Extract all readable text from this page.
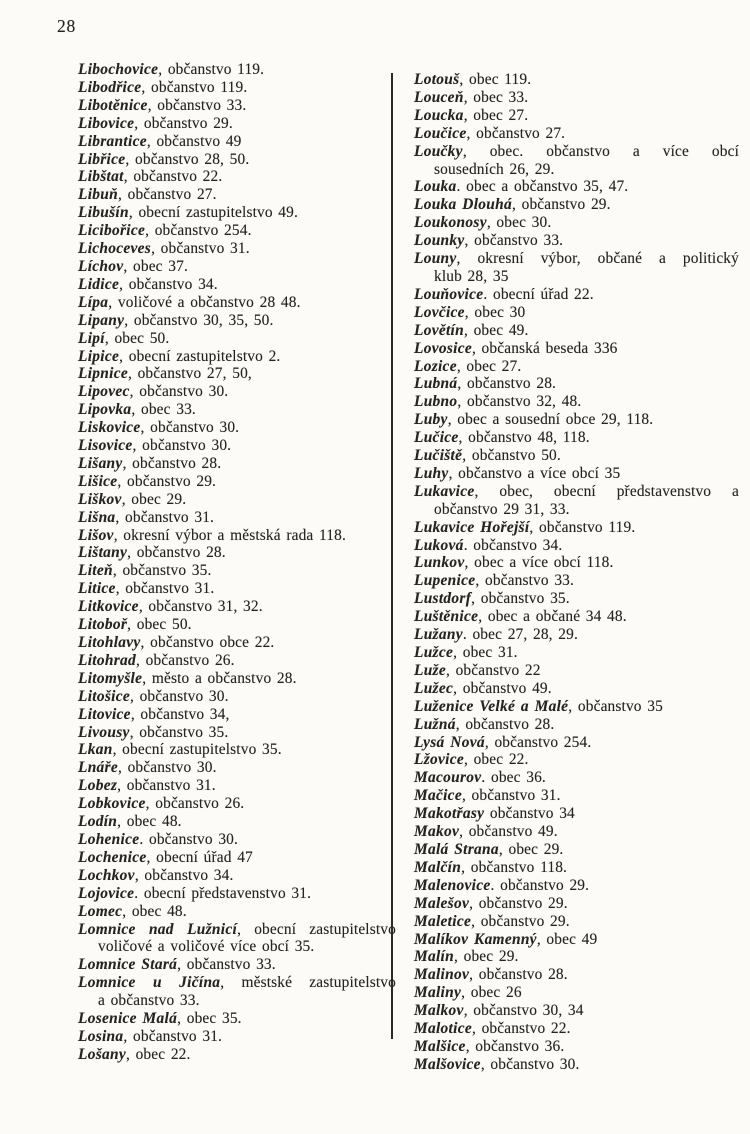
28
Libochovice, občanstvo 119.
Libodřice, občanstvo 119.
Libotěnice, občanstvo 33.
Libovice, občanstvo 29.
Librantice, občanstvo 49
Libřice, občanstvo 28, 50.
Libštat, občanstvo 22.
Libuň, občanstvo 27.
Libušín, obecní zastupitelstvo 49.
Licibořice, občanstvo 254.
Lichoceves, občanstvo 31.
Líchov, obec 37.
Lidice, občanstvo 34.
Lípa, voličové a občanstvo 28 48.
Lipany, občanstvo 30, 35, 50.
Lipí, obec 50.
Lipice, obecní zastupitelstvo 2.
Lipnice, občanstvo 27, 50,
Lipovec, občanstvo 30.
Lipovka, obec 33.
Liskovice, občanstvo 30.
Lisovice, občanstvo 30.
Lišany, občanstvo 28.
Lišice, občanstvo 29.
Liškov, obec 29.
Lišna, občanstvo 31.
Lišov, okresní výbor a městská rada 118.
Lištany, občanstvo 28.
Liteň, občanstvo 35.
Litice, občanstvo 31.
Litkovice, občanstvo 31, 32.
Litoboř, obec 50.
Litohlavy, občanstvo obce 22.
Litohrad, občanstvo 26.
Litomyšle, město a občanstvo 28.
Litošice, občanstvo 30.
Litovice, občanstvo 34,
Livousy, občanstvo 35.
Lkan, obecní zastupitelstvo 35.
Lnáře, občanstvo 30.
Lobez, občanstvo 31.
Lobkovice, občanstvo 26.
Lodín, obec 48.
Lohenice. občanstvo 30.
Lochenice, obecní úřad 47
Lochkov, občanstvo 34.
Lojovice. obecní představenstvo 31.
Lomec, obec 48.
Lomnice nad Lužnicí, obecní zastupitelstvo
voličové a voličové více obcí 35.
Lomnice Stará, občanstvo 33.
Lomnice u Jičína, městské zastupitelstvo
a občanstvo 33.
Losenice Malá, obec 35.
Losina, občanstvo 31.
Lošany, obec 22.
Lotouš, obec 119.
Louceň, obec 33.
Loucka, obec 27.
Loučice, občanstvo 27.
Loučky, obec. občanstvo a více obcí
sousedních 26, 29.
Louka. obec a občanstvo 35, 47.
Louka Dlouhá, občanstvo 29.
Loukonosy, obec 30.
Lounky, občanstvo 33.
Louny, okresní výbor, občané a politický
klub 28, 35
Louňovice. obecní úřad 22.
Lovčice, obec 30
Lovětín, obec 49.
Lovosice, občanská beseda 336
Lozice, obec 27.
Lubná, občanstvo 28.
Lubno, občanstvo 32, 48.
Luby, obec a sousední obce 29, 118.
Lučice, občanstvo 48, 118.
Lučiště, občanstvo 50.
Luhy, občanstvo a více obcí 35
Lukavice, obec, obecní představenstvo a
občanstvo 29 31, 33.
Lukavice Hořejší, občanstvo 119.
Luková. občanstvo 34.
Lunkov, obec a více obcí 118.
Lupenice, občanstvo 33.
Lustdorf, občanstvo 35.
Luštěnice, obec a občané 34 48.
Lužany. obec 27, 28, 29.
Lužce, obec 31.
Luže, občanstvo 22
Lužec, občanstvo 49.
Luženice Velké a Malé, občanstvo 35
Lužná, občanstvo 28.
Lysá Nová, občanstvo 254.
Lžovice, obec 22.
Macourov. obec 36.
Mačice, občanstvo 31.
Makotřasy občanstvo 34
Makov, občanstvo 49.
Malá Strana, obec 29.
Malčín, občanstvo 118.
Malenovice. občanstvo 29.
Malešov, občanstvo 29.
Maletice, občanstvo 29.
Malíkov Kamenný, obec 49
Malín, obec 29.
Malinov, občanstvo 28.
Maliny, obec 26
Malkov, občanstvo 30, 34
Malotice, občanstvo 22.
Malšice, občanstvo 36.
Malšovice, občanstvo 30.
